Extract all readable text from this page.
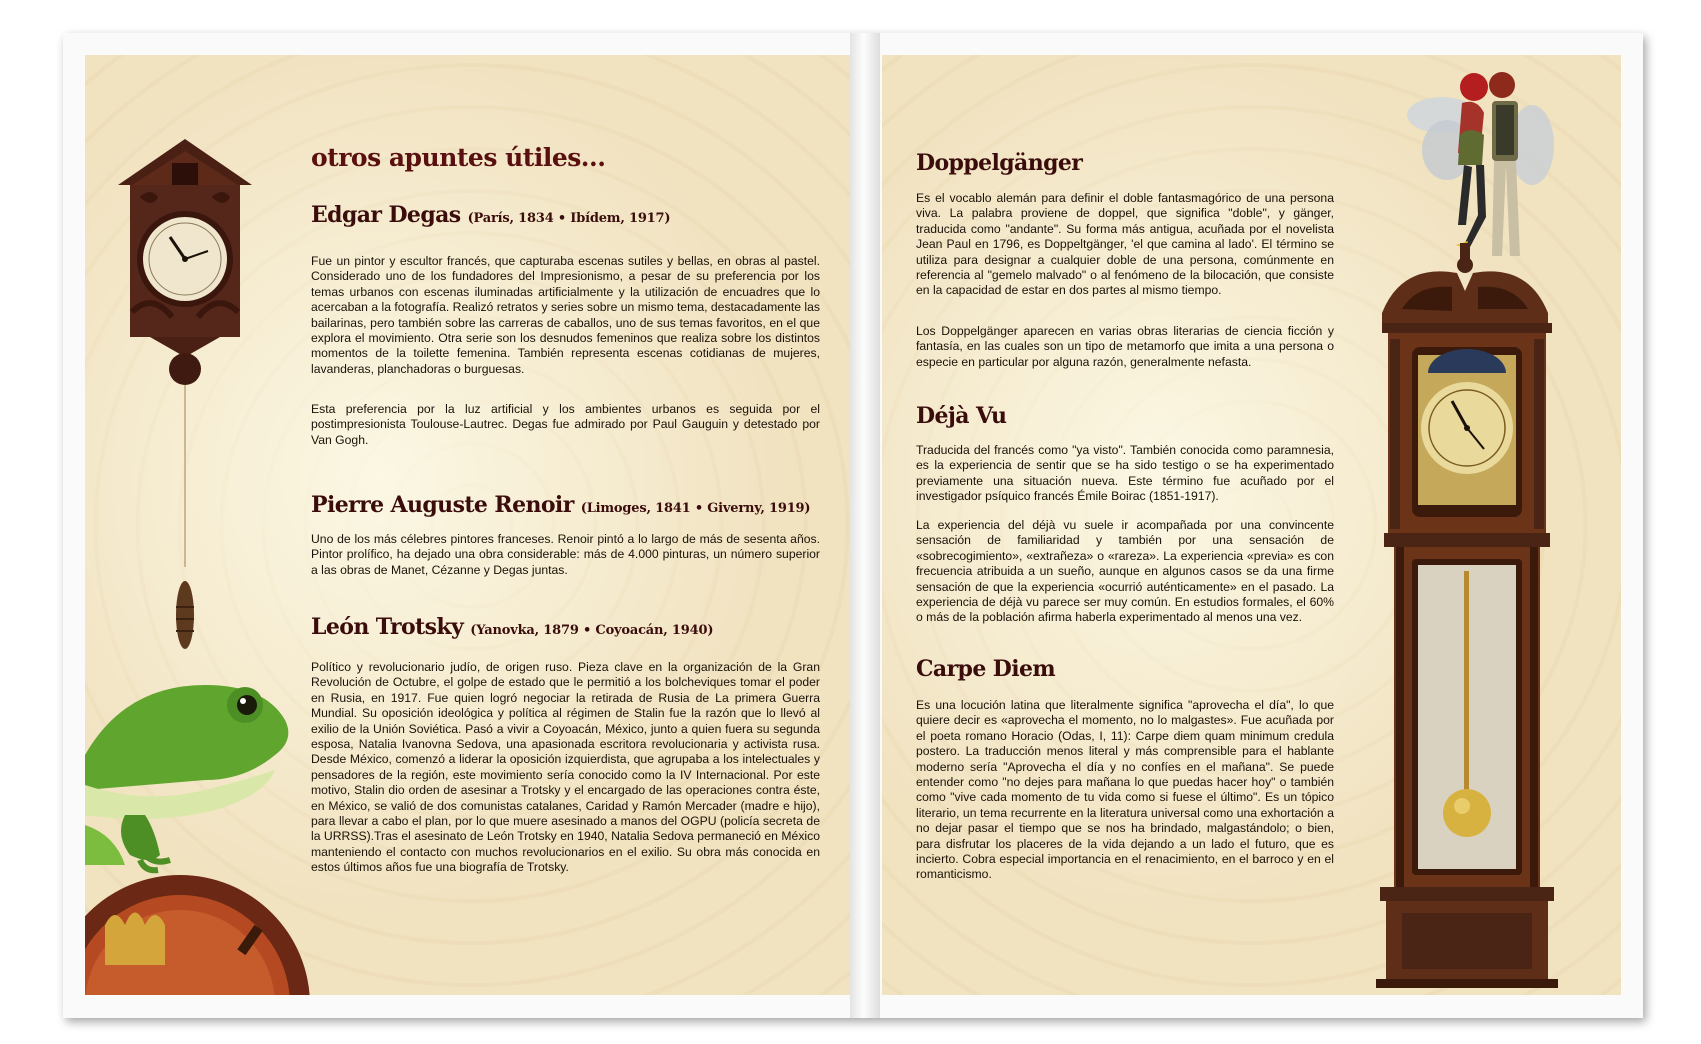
otros apuntes útiles...
Edgar Degas (París, 1834 • Ibídem, 1917)

Fue un pintor y escultor francés, que capturaba escenas sutiles y bellas, en obras al pastel. Considerado uno de los fundadores del Impresionismo, a pesar de su preferencia por los temas urbanos con escenas iluminadas artificialmente y la utilización de encuadres que lo acercaban a la fotografía. Realizó retratos y series sobre un mismo tema, destacadamente las bailarinas, pero también sobre las carreras de caballos, uno de sus temas favoritos, en el que explora el movimiento. Otra serie son los desnudos femeninos que realiza sobre los distintos momentos de la toilette femenina. También representa escenas cotidianas de mujeres, lavanderas, planchadoras o burguesas.

Esta preferencia por la luz artificial y los ambientes urbanos es seguida por el postimpresionista Toulouse-Lautrec. Degas fue admirado por Paul Gauguin y detestado por Van Gogh.

Pierre Auguste Renoir (Limoges, 1841 • Giverny, 1919)

Uno de los más célebres pintores franceses. Renoir pintó a lo largo de más de sesenta años. Pintor prolífico, ha dejado una obra considerable: más de 4.000 pinturas, un número superior a las obras de Manet, Cézanne y Degas juntas.

León Trotsky (Yanovka, 1879 • Coyoacán, 1940)

Político y revolucionario judío, de origen ruso. Pieza clave en la organización de la Gran Revolución de Octubre, el golpe de estado que le permitió a los bolcheviques tomar el poder en Rusia, en 1917. Fue quien logró negociar la retirada de Rusia de La primera Guerra Mundial. Su oposición ideológica y política al régimen de Stalin fue la razón que lo llevó al exilio de la Unión Soviética. Pasó a vivir a Coyoacán, México, junto a quien fuera su segunda esposa, Natalia Ivanovna Sedova, una apasionada escritora revolucionaria y activista rusa. Desde México, comenzó a liderar la oposición izquierdista, que agrupaba a los intelectuales y pensadores de la región, este movimiento sería conocido como la IV Internacional. Por este motivo, Stalin dio orden de asesinar a Trotsky y el encargado de las operaciones contra éste, en México, se valió de dos comunistas catalanes, Caridad y Ramón Mercader (madre e hijo), para llevar a cabo el plan, por lo que muere asesinado a manos del OGPU (policía secreta de la URRSS).Tras el asesinato de León Trotsky en 1940, Natalia Sedova permaneció en México manteniendo el contacto con muchos revolucionarios en el exilio. Su obra más conocida en estos últimos años fue una biografía de Trotsky.

Doppelgänger

Es el vocablo alemán para definir el doble fantasmagórico de una persona viva. La palabra proviene de doppel, que significa "doble", y gänger, traducida como "andante". Su forma más antigua, acuñada por el novelista Jean Paul en 1796, es Doppeltgänger, 'el que camina al lado'. El término se utiliza para designar a cualquier doble de una persona, comúnmente en referencia al "gemelo malvado" o al fenómeno de la bilocación, que consiste en la capacidad de estar en dos partes al mismo tiempo.

Los Doppelgänger aparecen en varias obras literarias de ciencia ficción y fantasía, en las cuales son un tipo de metamorfo que imita a una persona o especie en particular por alguna razón, generalmente nefasta.

Déjà Vu

Traducida del francés como "ya visto". También conocida como paramnesia, es la experiencia de sentir que se ha sido testigo o se ha experimentado previamente una situación nueva. Este término fue acuñado por el investigador psíquico francés Émile Boirac (1851-1917).

La experiencia del déjà vu suele ir acompañada por una convincente sensación de familiaridad y también por una sensación de «sobrecogimiento», «extrañeza» o «rareza». La experiencia «previa» es con frecuencia atribuida a un sueño, aunque en algunos casos se da una firme sensación de que la experiencia «ocurrió auténticamente» en el pasado. La experiencia de déjà vu parece ser muy común. En estudios formales, el 60% o más de la población afirma haberla experimentado al menos una vez.

Carpe Diem

Es una locución latina que literalmente significa "aprovecha el día", lo que quiere decir es «aprovecha el momento, no lo malgastes». Fue acuñada por el poeta romano Horacio (Odas, I, 11): Carpe diem quam minimum credula postero. La traducción menos literal y más comprensible para el hablante moderno sería "Aprovecha el día y no confíes en el mañana". Se puede entender como "no dejes para mañana lo que puedas hacer hoy" o también como "vive cada momento de tu vida como si fuese el último". Es un tópico literario, un tema recurrente en la literatura universal como una exhortación a no dejar pasar el tiempo que se nos ha brindado, malgastándolo; o bien, para disfrutar los placeres de la vida dejando a un lado el futuro, que es incierto. Cobra especial importancia en el renacimiento, en el barroco y en el romanticismo.
